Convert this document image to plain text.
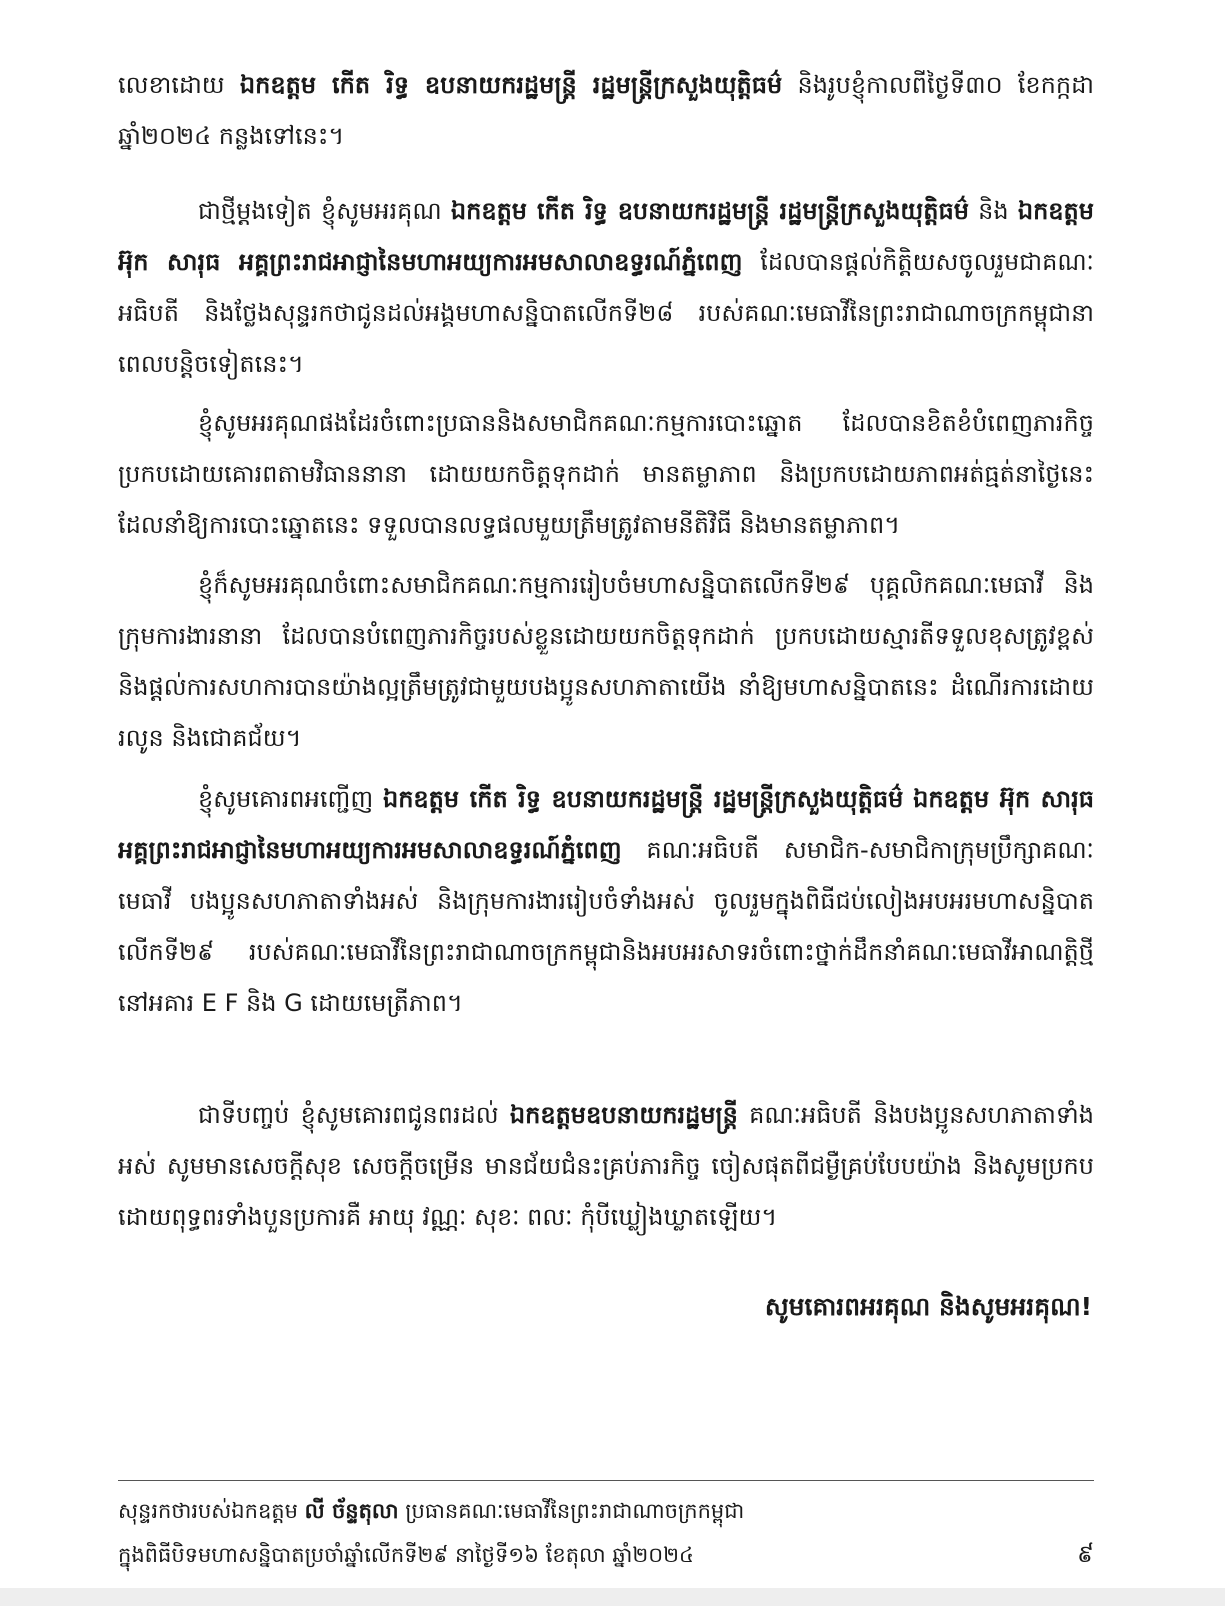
លេខាដោយ ឯកឧត្តម កើត រិទ្ធ ឧបនាយករដ្ឋមន្ត្រី រដ្ឋមន្ត្រីក្រសួងយុត្តិធម៌ និងរូបខ្ញុំកាលពីថ្ងៃទី៣០ ខែកក្កដា ឆ្នាំ២០២៤ កន្លងទៅនេះ។

ជាថ្មីម្តងទៀត ខ្ញុំសូមអរគុណ ឯកឧត្តម កើត រិទ្ធ ឧបនាយករដ្ឋមន្ត្រី រដ្ឋមន្ត្រីក្រសួងយុត្តិធម៌ និង ឯកឧត្តម អ៊ុក សារុធ អគ្គព្រះរាជអាជ្ញានៃមហាអយ្យការអមសាលាឧទ្ធរណ៍ភ្នំពេញ ដែលបានផ្តល់កិត្តិយសចូលរួមជាគណៈអធិបតី និងថ្លែងសុន្ទរកថាជូនដល់អង្គមហាសន្និបាតលើកទី២៨ របស់គណៈមេធាវីនៃព្រះរាជាណាចក្រកម្ពុជានាពេលបន្តិចទៀតនេះ។

ខ្ញុំសូមអរគុណផងដែរចំពោះប្រធាននិងសមាជិកគណៈកម្មការបោះឆ្នោត ដែលបានខិតខំបំពេញភារកិច្ចប្រកបដោយគោរពតាមវិធាននានា ដោយយកចិត្តទុកដាក់ មានតម្លាភាព និងប្រកបដោយភាពអត់ធ្មត់នាថ្ងៃនេះ ដែលនាំឱ្យការបោះឆ្នោតនេះ ទទួលបានលទ្ធផលមួយត្រឹមត្រូវតាមនីតិវិធី និងមានតម្លាភាព។

ខ្ញុំក៏សូមអរគុណចំពោះសមាជិកគណៈកម្មការរៀបចំមហាសន្និបាតលើកទី២៩ បុគ្គលិកគណៈមេធាវី និងក្រុមការងារនានា ដែលបានបំពេញភារកិច្ចរបស់ខ្លួនដោយយកចិត្តទុកដាក់ ប្រកបដោយស្មារតីទទួលខុសត្រូវខ្ពស់ និងផ្តល់ការសហការបានយ៉ាងល្អត្រឹមត្រូវជាមួយបងប្អូនសហភាតាយើង នាំឱ្យមហាសន្និបាតនេះ ដំណើរការដោយរលូន និងជោគជ័យ។

ខ្ញុំសូមគោរពអញ្ជើញ ឯកឧត្តម កើត រិទ្ធ ឧបនាយករដ្ឋមន្ត្រី រដ្ឋមន្ត្រីក្រសួងយុត្តិធម៌ ឯកឧត្តម អ៊ុក សារុធ អគ្គព្រះរាជអាជ្ញានៃមហាអយ្យការអមសាលាឧទ្ធរណ៍ភ្នំពេញ គណៈអធិបតី សមាជិក-សមាជិកាក្រុមប្រឹក្សាគណៈមេធាវី បងប្អូនសហភាតាទាំងអស់ និងក្រុមការងាររៀបចំទាំងអស់ ចូលរួមក្នុងពិធីជប់លៀងអបអរមហាសន្និបាតលើកទី២៩ របស់គណៈមេធាវីនៃព្រះរាជាណាចក្រកម្ពុជានិងអបអរសាទរចំពោះថ្នាក់ដឹកនាំគណៈមេធាវីអាណត្តិថ្មី នៅអគារ E F និង G ដោយមេត្រីភាព។

ជាទីបញ្ចប់ ខ្ញុំសូមគោរពជូនពរដល់ ឯកឧត្តមឧបនាយករដ្ឋមន្ត្រី គណៈអធិបតី និងបងប្អូនសហភាតាទាំងអស់ សូមមានសេចក្តីសុខ សេចក្តីចម្រើន មានជ័យជំនះគ្រប់ភារកិច្ច ចៀសផុតពីជម្ងឺគ្រប់បែបយ៉ាង និងសូមប្រកបដោយពុទ្ធពរទាំងបួនប្រការគឺ អាយុ វណ្ណៈ សុខៈ ពលៈ កុំបីឃ្លៀងឃ្លាតឡើយ។

សូមគោរពអរគុណ និងសូមអរគុណ!

សុន្ទរកថារបស់ឯកឧត្តម លី ច័ន្ទតុលា ប្រធានគណៈមេធាវីនៃព្រះរាជាណាចក្រកម្ពុជា

ក្នុងពិធីបិទមហាសន្និបាតប្រចាំឆ្នាំលើកទី២៩ នាថ្ងៃទី១៦ ខែតុលា ឆ្នាំ២០២៤	៩
